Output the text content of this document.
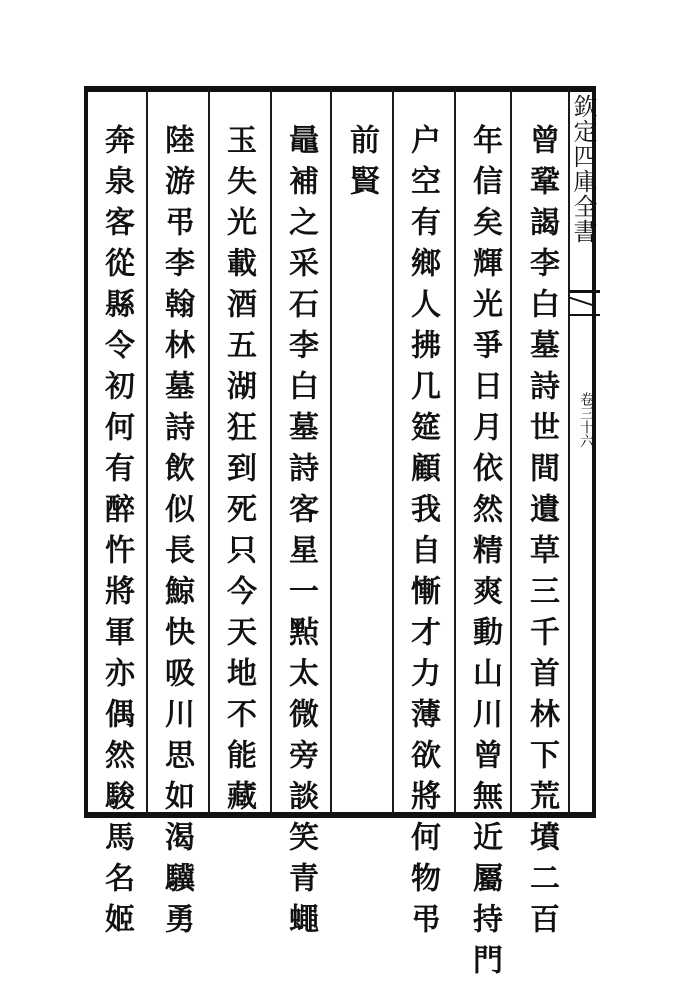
欽定四庫全書
卷三十六
曾鞏謁李白墓詩世間遺草三千首林下荒墳二百
年信矣輝光爭日月依然精爽動山川曾無近屬持門
户空有鄉人拂几筵顧我自慚才力薄欲將何物弔
前賢
鼂補之采石李白墓詩客星一㸃太微旁談笑青蠅
玉失光載酒五湖狂到死只今天地不能藏
陸游弔李翰林墓詩飲似長鯨快吸川思如渴驥勇
奔泉客從縣令初何有醉忤將軍亦偶然駿馬名姬
